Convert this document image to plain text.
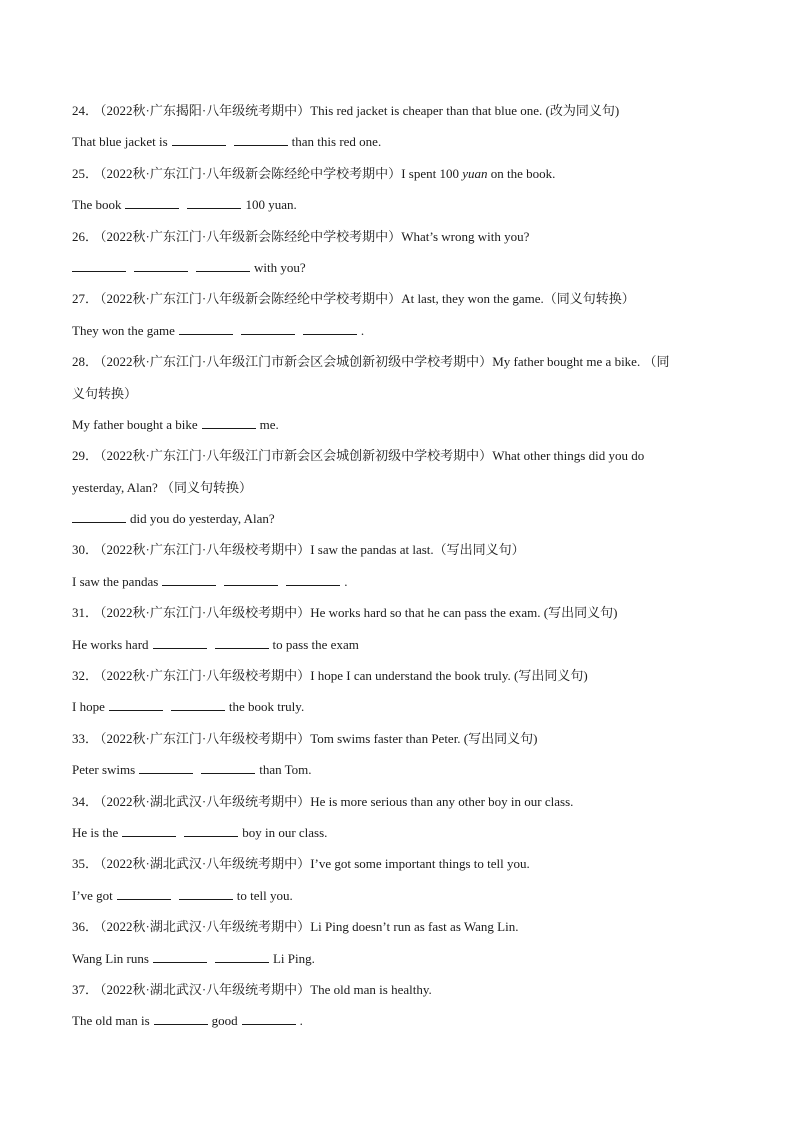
24． （2022秋·广东揭阳·八年级统考期中）This red jacket is cheaper than that blue one. (改为同义句)
That blue jacket is	than this red one.
25． （2022秋·广东江门·八年级新会陈经纶中学校考期中）I spent 100 yuan on the book.
The book	100 yuan.
26． （2022秋·广东江门·八年级新会陈经纶中学校考期中）What’s wrong with you?
with you?
27． （2022秋·广东江门·八年级新会陈经纶中学校考期中）At last, they won the game.（同义句转换）
They won the game	.
28． （2022秋·广东江门·八年级江门市新会区会城创新初级中学校考期中）My father bought me a bike. （同
义句转换）
My father bought a bike	me.
29． （2022秋·广东江门·八年级江门市新会区会城创新初级中学校考期中）What other things did you do
yesterday, Alan? （同义句转换）
did you do yesterday, Alan?
30． （2022秋·广东江门·八年级校考期中）I saw the pandas at last.（写出同义句）
I saw the pandas	.
31． （2022秋·广东江门·八年级校考期中）He works hard so that he can pass the exam. (写出同义句)
He works hard	to pass the exam
32． （2022秋·广东江门·八年级校考期中）I hope I can understand the book truly. (写出同义句)
I hope	the book truly.
33． （2022秋·广东江门·八年级校考期中）Tom swims faster than Peter. (写出同义句)
Peter swims	than Tom.
34． （2022秋·湖北武汉·八年级统考期中）He is more serious than any other boy in our class.
He is the	boy in our class.
35． （2022秋·湖北武汉·八年级统考期中）I’ve got some important things to tell you.
I’ve got	to tell you.
36． （2022秋·湖北武汉·八年级统考期中）Li Ping doesn’t run as fast as Wang Lin.
Wang Lin runs	Li Ping.
37． （2022秋·湖北武汉·八年级统考期中）The old man is healthy.
The old man is	good	.
